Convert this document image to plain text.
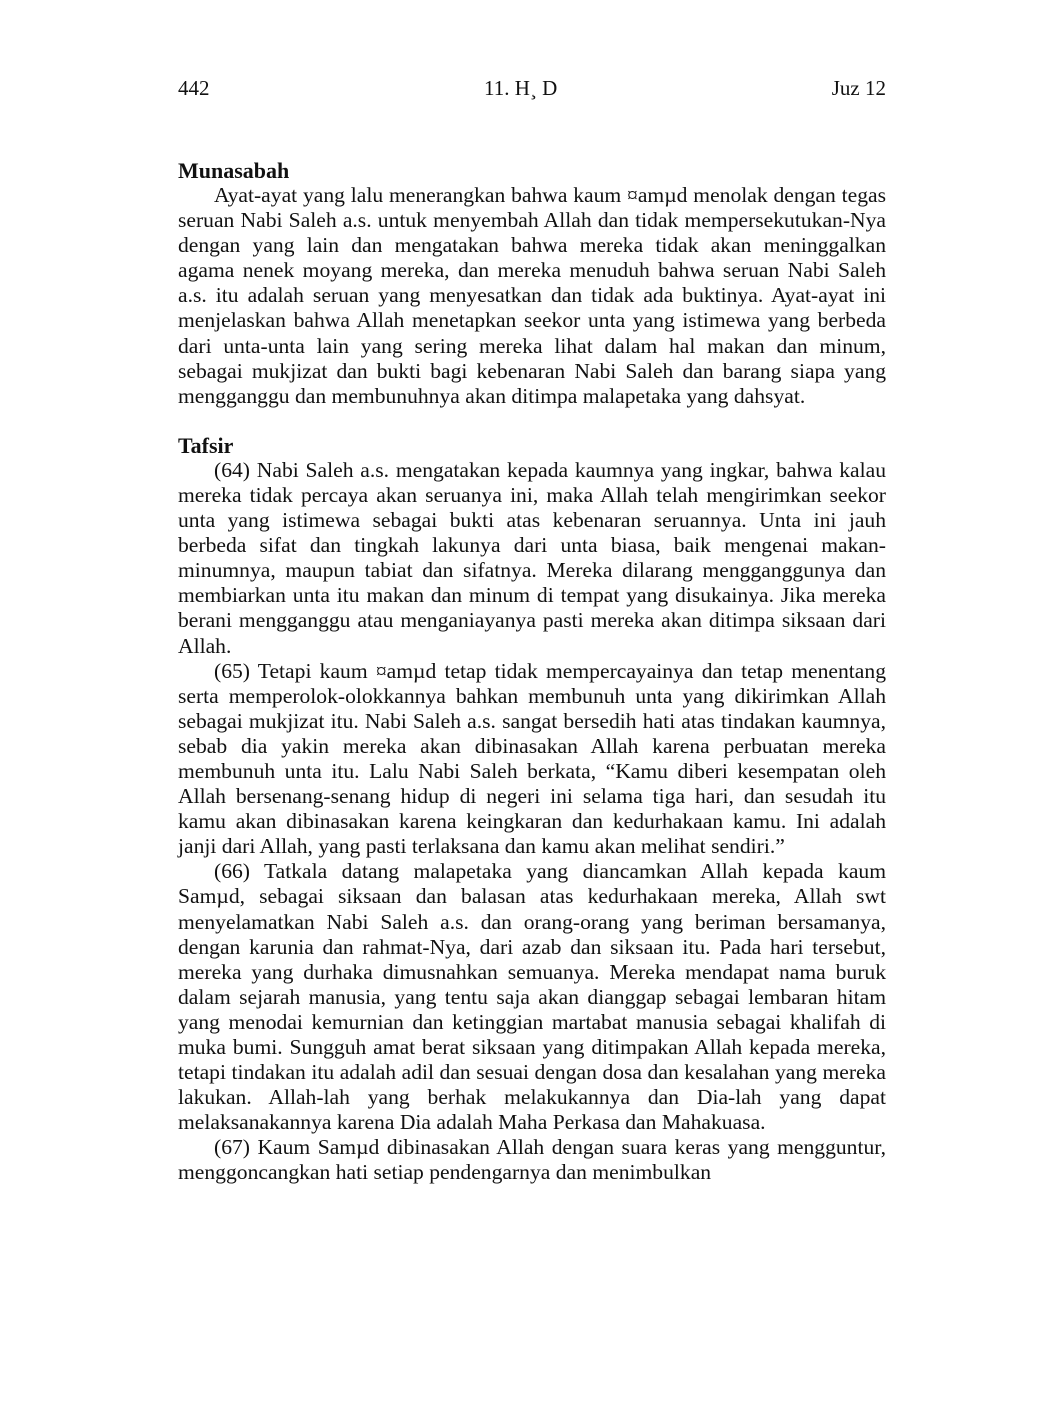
442	11. H¸ D	Juz 12
Munasabah

Ayat-ayat yang lalu menerangkan bahwa kaum ¤amµd menolak dengan tegas seruan Nabi Saleh a.s. untuk menyembah Allah dan tidak mempersekutukan-Nya dengan yang lain dan mengatakan bahwa mereka tidak akan meninggalkan agama nenek moyang mereka, dan mereka menuduh bahwa seruan Nabi Saleh a.s. itu adalah seruan yang menyesatkan dan tidak ada buktinya. Ayat-ayat ini menjelaskan bahwa Allah menetapkan seekor unta yang istimewa yang berbeda dari unta-unta lain yang sering mereka lihat dalam hal makan dan minum, sebagai mukjizat dan bukti bagi kebenaran Nabi Saleh dan barang siapa yang mengganggu dan membunuhnya akan ditimpa malapetaka yang dahsyat.

Tafsir

(64) Nabi Saleh a.s. mengatakan kepada kaumnya yang ingkar, bahwa kalau mereka tidak percaya akan seruanya ini, maka Allah telah mengirimkan seekor unta yang istimewa sebagai bukti atas kebenaran seruannya. Unta ini jauh berbeda sifat dan tingkah lakunya dari unta biasa, baik mengenai makan-minumnya, maupun tabiat dan sifatnya. Mereka dilarang mengganggunya dan membiarkan unta itu makan dan minum di tempat yang disukainya. Jika mereka berani mengganggu atau menganiayanya pasti mereka akan ditimpa siksaan dari Allah.

(65) Tetapi kaum ¤amµd tetap tidak mempercayainya dan tetap menentang serta memperolok-olokkannya bahkan membunuh unta yang dikirimkan Allah sebagai mukjizat itu. Nabi Saleh a.s. sangat bersedih hati atas tindakan kaumnya, sebab dia yakin mereka akan dibinasakan Allah karena perbuatan mereka membunuh unta itu. Lalu Nabi Saleh berkata, “Kamu diberi kesempatan oleh Allah bersenang-senang hidup di negeri ini selama tiga hari, dan sesudah itu kamu akan dibinasakan karena keingkaran dan kedurhakaan kamu. Ini adalah janji dari Allah, yang pasti terlaksana dan kamu akan melihat sendiri.”

(66) Tatkala datang malapetaka yang diancamkan Allah kepada kaum Samµd, sebagai siksaan dan balasan atas kedurhakaan mereka, Allah swt menyelamatkan Nabi Saleh a.s. dan orang-orang yang beriman bersamanya, dengan karunia dan rahmat-Nya, dari azab dan siksaan itu. Pada hari tersebut, mereka yang durhaka dimusnahkan semuanya. Mereka mendapat nama buruk dalam sejarah manusia, yang tentu saja akan dianggap sebagai lembaran hitam yang menodai kemurnian dan ketinggian martabat manusia sebagai khalifah di muka bumi. Sungguh amat berat siksaan yang ditimpakan Allah kepada mereka, tetapi tindakan itu adalah adil dan sesuai dengan dosa dan kesalahan yang mereka lakukan. Allah-lah yang berhak melakukannya dan Dia-lah yang dapat melaksanakannya karena Dia adalah Maha Perkasa dan Mahakuasa.

(67) Kaum Samµd dibinasakan Allah dengan suara keras yang mengguntur, menggoncangkan hati setiap pendengarnya dan menimbulkan
